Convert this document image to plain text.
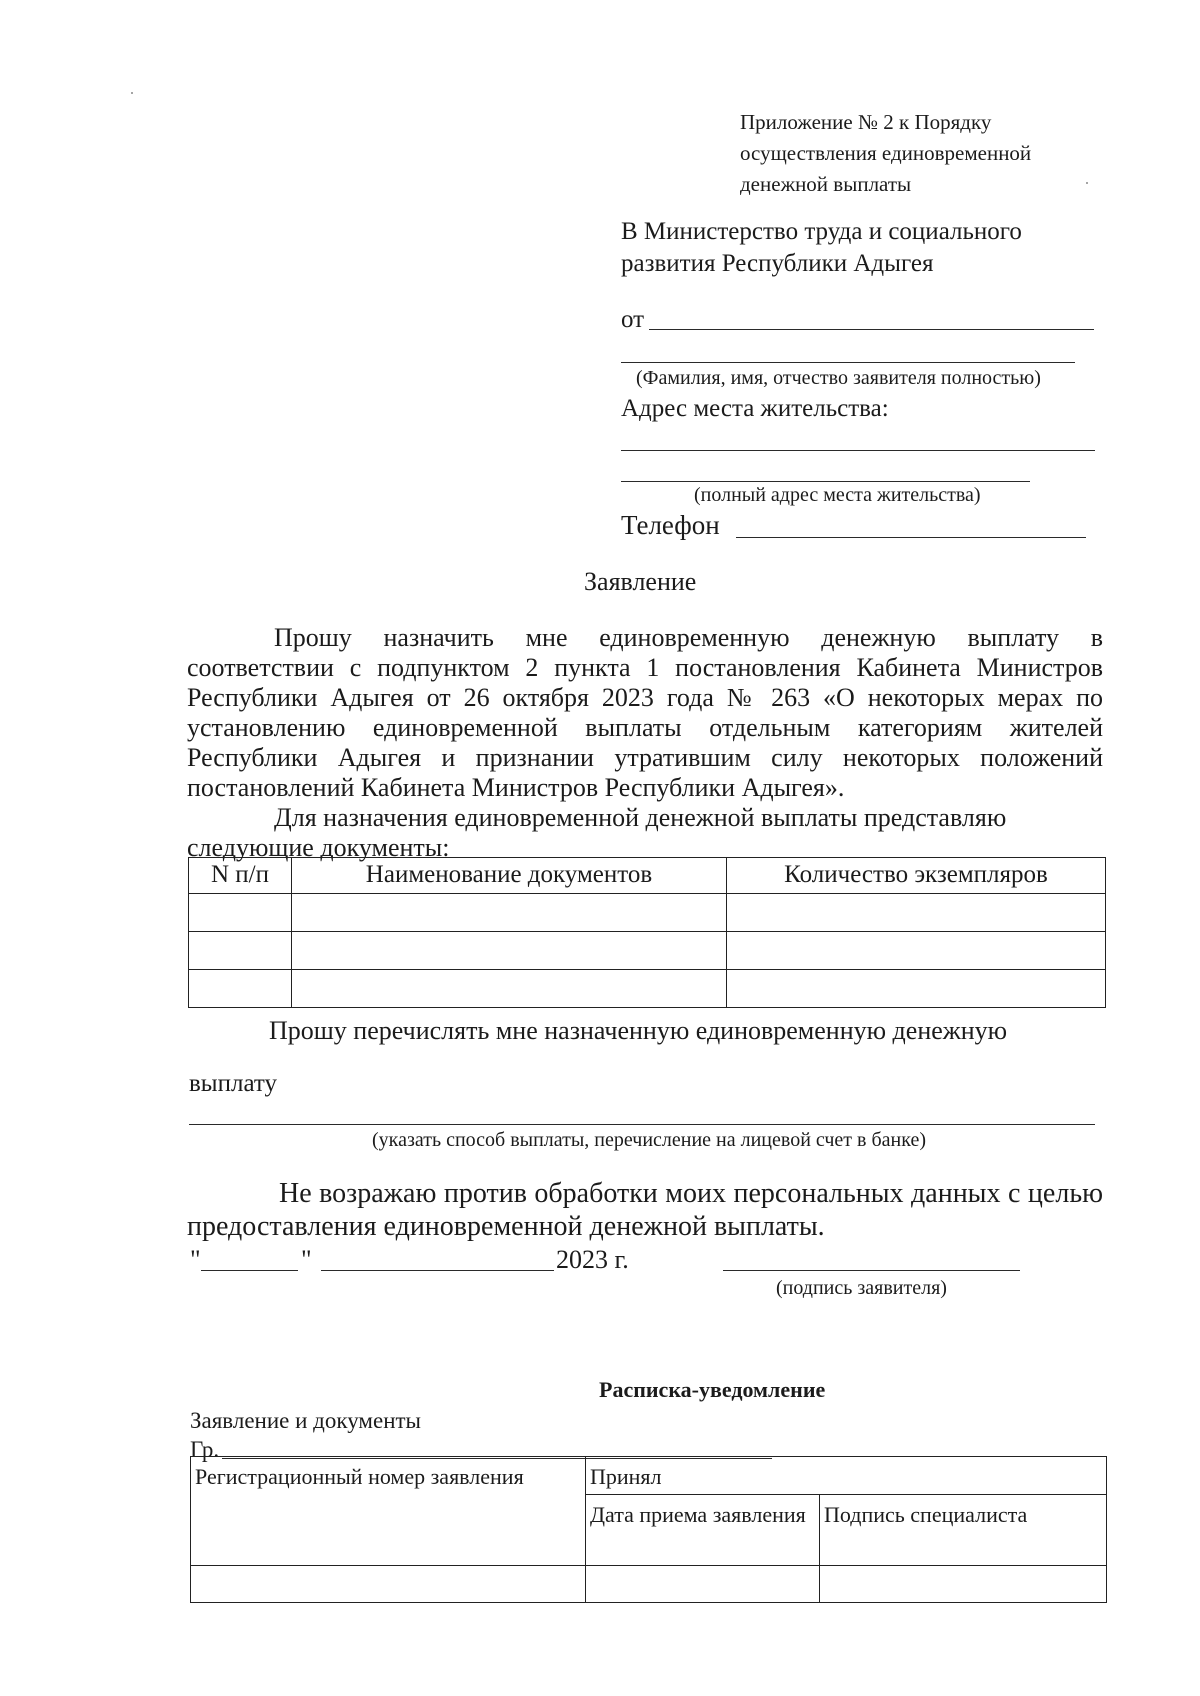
Приложение № 2 к Порядку
осуществления единовременной
денежной выплаты
В Министерство труда и социального
развития Республики Адыгея
от
(Фамилия, имя, отчество заявителя полностью)
Адрес места жительства:
(полный адрес места жительства)
Телефон
Заявление
Прошу назначить мне единовременную денежную выплату в соответствии с подпунктом 2 пункта 1 постановления Кабинета Министров Республики Адыгея от 26 октября 2023 года № 263 «О некоторых мерах по установлению единовременной выплаты отдельным категориям жителей Республики Адыгея и признании утратившим силу некоторых положений постановлений Кабинета Министров Республики Адыгея».
Для назначения единовременной денежной выплаты представляю
следующие документы:
N п/п	Наименование документов	Количество экземпляров

Прошу перечислять мне назначенную единовременную денежную
выплату
(указать способ выплаты, перечисление на лицевой счет в банке)
Не возражаю против обработки моих персональных данных с целью предоставления единовременной денежной выплаты.
"	"	2023 г.
(подпись заявителя)
Расписка-уведомление
Заявление и документы
Гр.
Регистрационный номер заявления	Принял	
	Дата приема заявления	Подпись специалиста
